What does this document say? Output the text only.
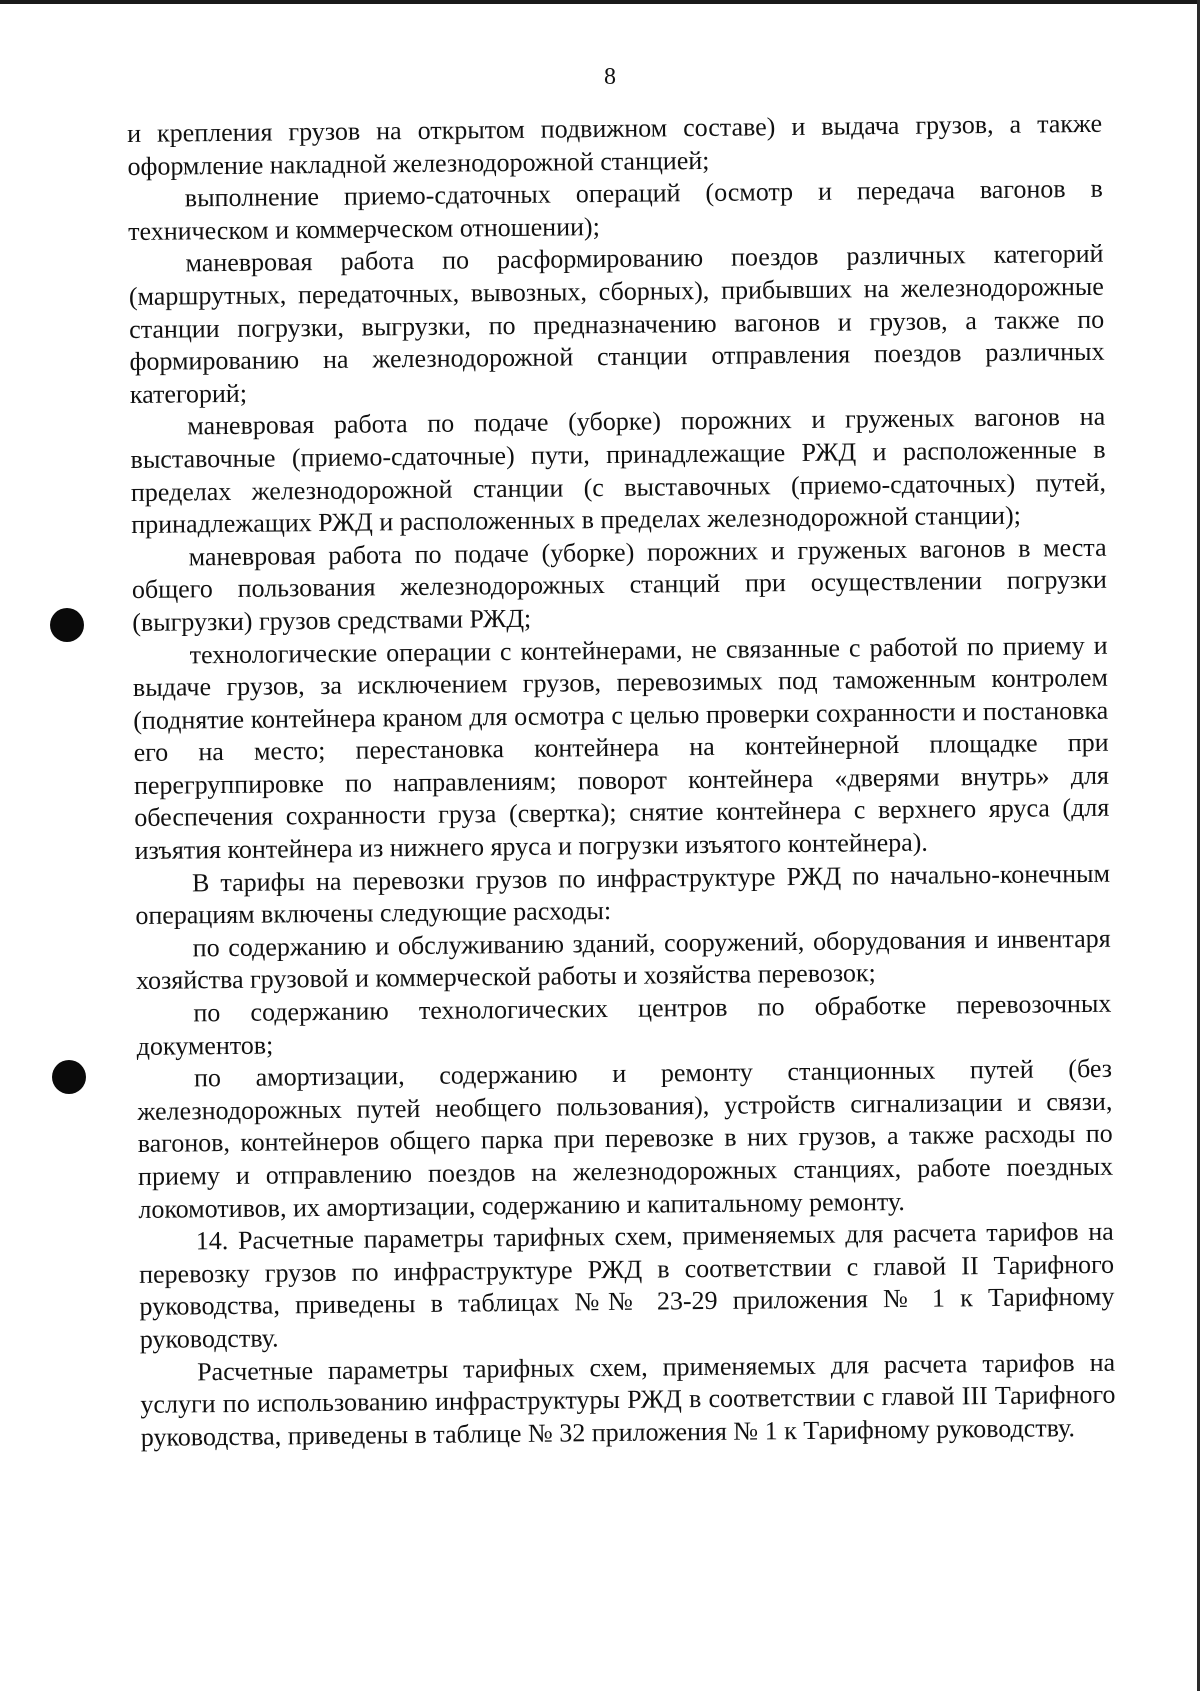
8

и крепления грузов на открытом подвижном составе) и выдача грузов, а также оформление накладной железнодорожной станцией;

выполнение приемо-сдаточных операций (осмотр и передача вагонов в техническом и коммерческом отношении);

маневровая работа по расформированию поездов различных категорий (маршрутных, передаточных, вывозных, сборных), прибывших на железнодорожные станции погрузки, выгрузки, по предназначению вагонов и грузов, а также по формированию на железнодорожной станции отправления поездов различных категорий;

маневровая работа по подаче (уборке) порожних и груженых вагонов на выставочные (приемо-сдаточные) пути, принадлежащие РЖД и расположенные в пределах железнодорожной станции (с выставочных (приемо-сдаточных) путей, принадлежащих РЖД и расположенных в пределах железнодорожной станции);

маневровая работа по подаче (уборке) порожних и груженых вагонов в места общего пользования железнодорожных станций при осуществлении погрузки (выгрузки) грузов средствами РЖД;

технологические операции с контейнерами, не связанные с работой по приему и выдаче грузов, за исключением грузов, перевозимых под таможенным контролем (поднятие контейнера краном для осмотра с целью проверки сохранности и постановка его на место; перестановка контейнера на контейнерной площадке при перегруппировке по направлениям; поворот контейнера «дверями внутрь» для обеспечения сохранности груза (свертка); снятие контейнера с верхнего яруса (для изъятия контейнера из нижнего яруса и погрузки изъятого контейнера).

В тарифы на перевозки грузов по инфраструктуре РЖД по начально-конечным операциям включены следующие расходы:

по содержанию и обслуживанию зданий, сооружений, оборудования и инвентаря хозяйства грузовой и коммерческой работы и хозяйства перевозок;

по содержанию технологических центров по обработке перевозочных документов;

по амортизации, содержанию и ремонту станционных путей (без железнодорожных путей необщего пользования), устройств сигнализации и связи, вагонов, контейнеров общего парка при перевозке в них грузов, а также расходы по приему и отправлению поездов на железнодорожных станциях, работе поездных локомотивов, их амортизации, содержанию и капитальному ремонту.

14. Расчетные параметры тарифных схем, применяемых для расчета тарифов на перевозку грузов по инфраструктуре РЖД в соответствии с главой II Тарифного руководства, приведены в таблицах №№ 23-29 приложения № 1 к Тарифному руководству.

Расчетные параметры тарифных схем, применяемых для расчета тарифов на услуги по использованию инфраструктуры РЖД в соответствии с главой III Тарифного руководства, приведены в таблице № 32 приложения № 1 к Тарифному руководству.
